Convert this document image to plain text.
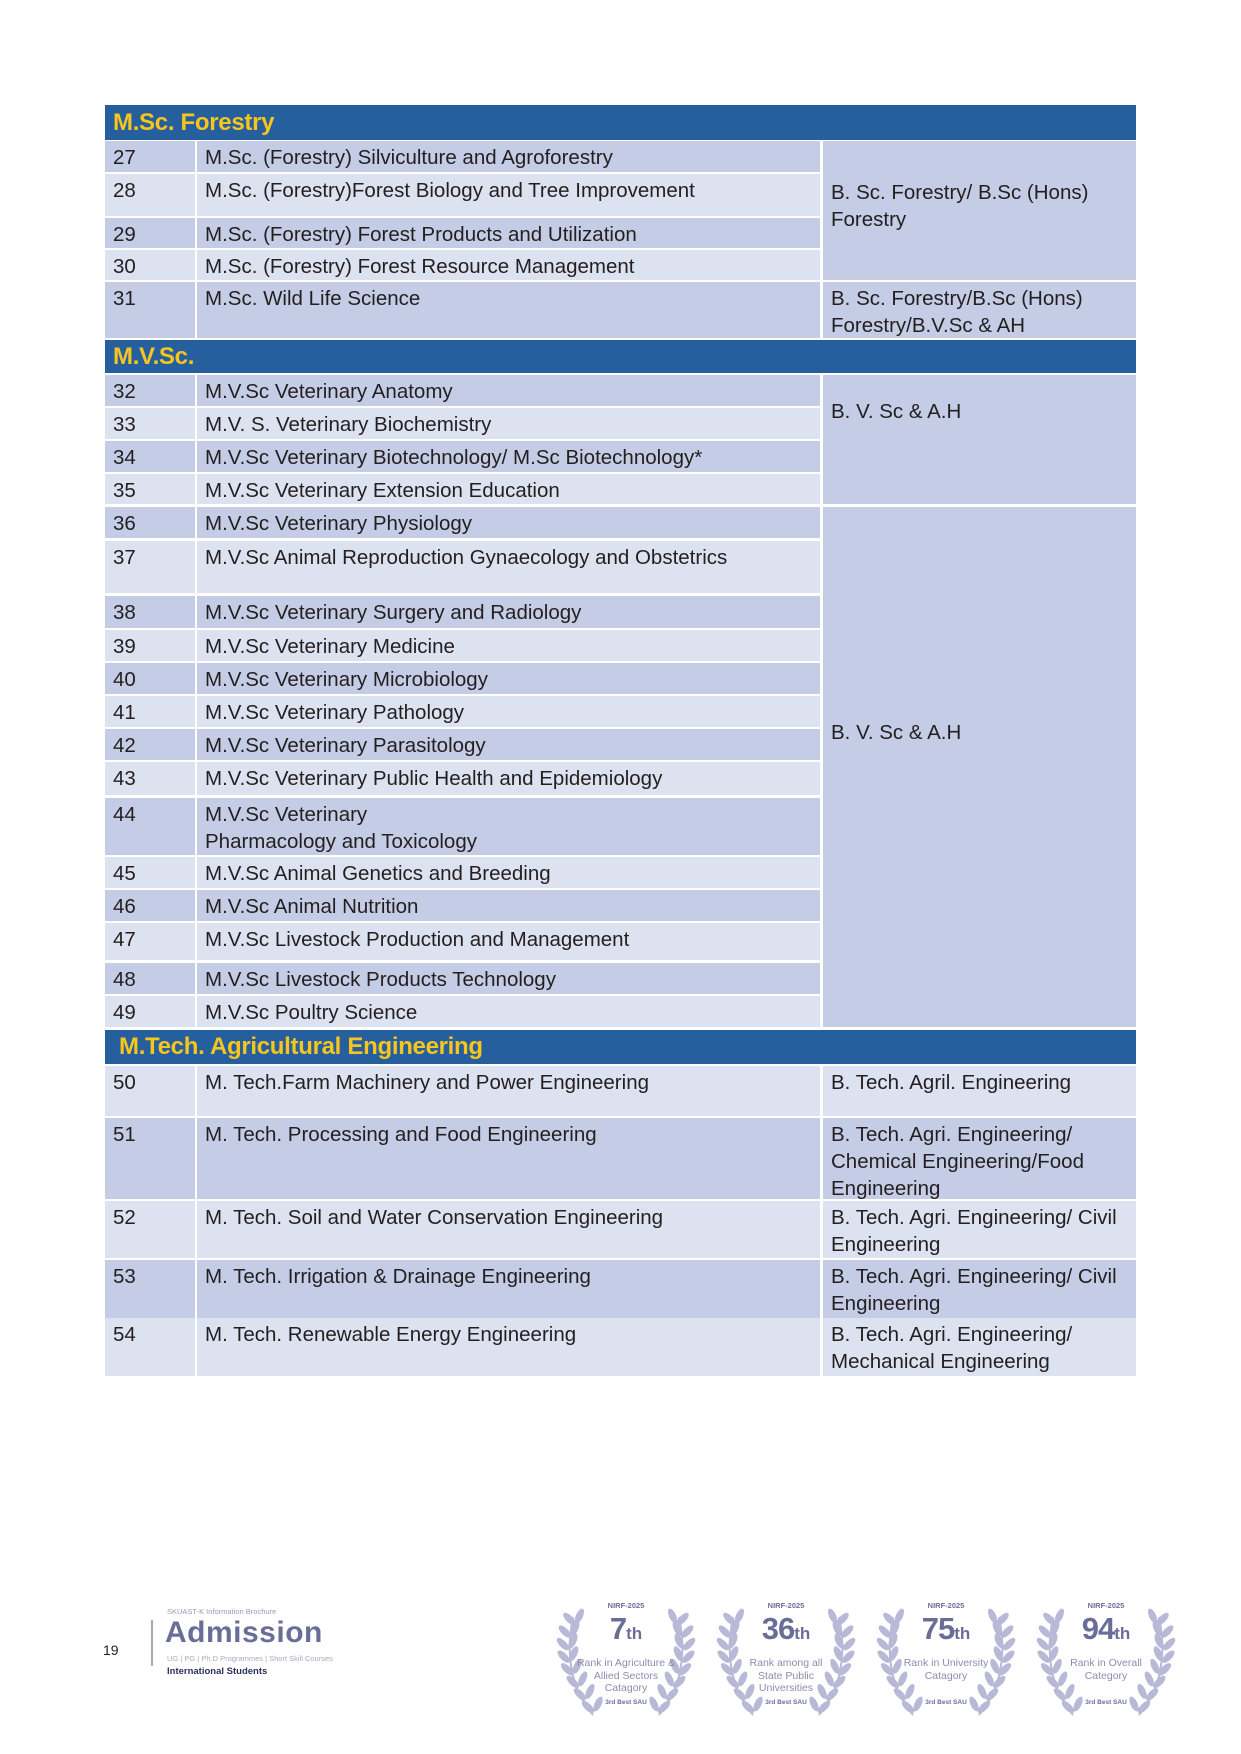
M.Sc. Forestry
27	M.Sc. (Forestry) Silviculture and Agroforestry
28	M.Sc. (Forestry)Forest Biology and Tree Improvement
29	M.Sc. (Forestry) Forest Products and Utilization
30	M.Sc. (Forestry) Forest Resource Management
B. Sc. Forestry/ B.Sc (Hons) Forestry
31	M.Sc. Wild Life Science	B. Sc. Forestry/B.Sc (Hons) Forestry/B.V.Sc & AH
M.V.Sc.
32	M.V.Sc Veterinary Anatomy
33	M.V. S. Veterinary Biochemistry
34	M.V.Sc Veterinary Biotechnology/ M.Sc Biotechnology*
35	M.V.Sc Veterinary Extension Education
B. V. Sc & A.H
36	M.V.Sc Veterinary Physiology
37	M.V.Sc Animal Reproduction Gynaecology and Obstetrics
38	M.V.Sc Veterinary Surgery and Radiology
39	M.V.Sc Veterinary Medicine
40	M.V.Sc Veterinary Microbiology
41	M.V.Sc Veterinary Pathology
42	M.V.Sc Veterinary Parasitology
43	M.V.Sc Veterinary Public Health and Epidemiology
44	M.V.Sc Veterinary
Pharmacology and Toxicology
45	M.V.Sc Animal Genetics and Breeding
46	M.V.Sc Animal Nutrition
47	M.V.Sc Livestock Production and Management
48	M.V.Sc Livestock Products Technology
49	M.V.Sc Poultry Science
B. V. Sc & A.H
M.Tech. Agricultural Engineering
50	M. Tech.Farm Machinery and Power Engineering	B. Tech. Agril. Engineering
51	M. Tech. Processing and Food Engineering	B. Tech. Agri. Engineering/ Chemical Engineering/Food Engineering
52	M. Tech. Soil and Water Conservation Engineering	B. Tech. Agri. Engineering/ Civil Engineering
53	M. Tech. Irrigation & Drainage Engineering	B. Tech. Agri. Engineering/ Civil Engineering
54	M. Tech. Renewable Energy Engineering	B. Tech. Agri. Engineering/ Mechanical Engineering
19
SKUAST-K Information Brochure
Admission
UG | PG | Ph.D Programmes | Short Skill Courses
International Students
NIRF-2025
7th
Rank in Agriculture & Allied Sectors Catagory
3rd Best SAU
NIRF-2025
36th
Rank among all State Public Universities
3rd Best SAU
NIRF-2025
75th
Rank in University Catagory
3rd Best SAU
NIRF-2025
94th
Rank in Overall Category
3rd Best SAU
